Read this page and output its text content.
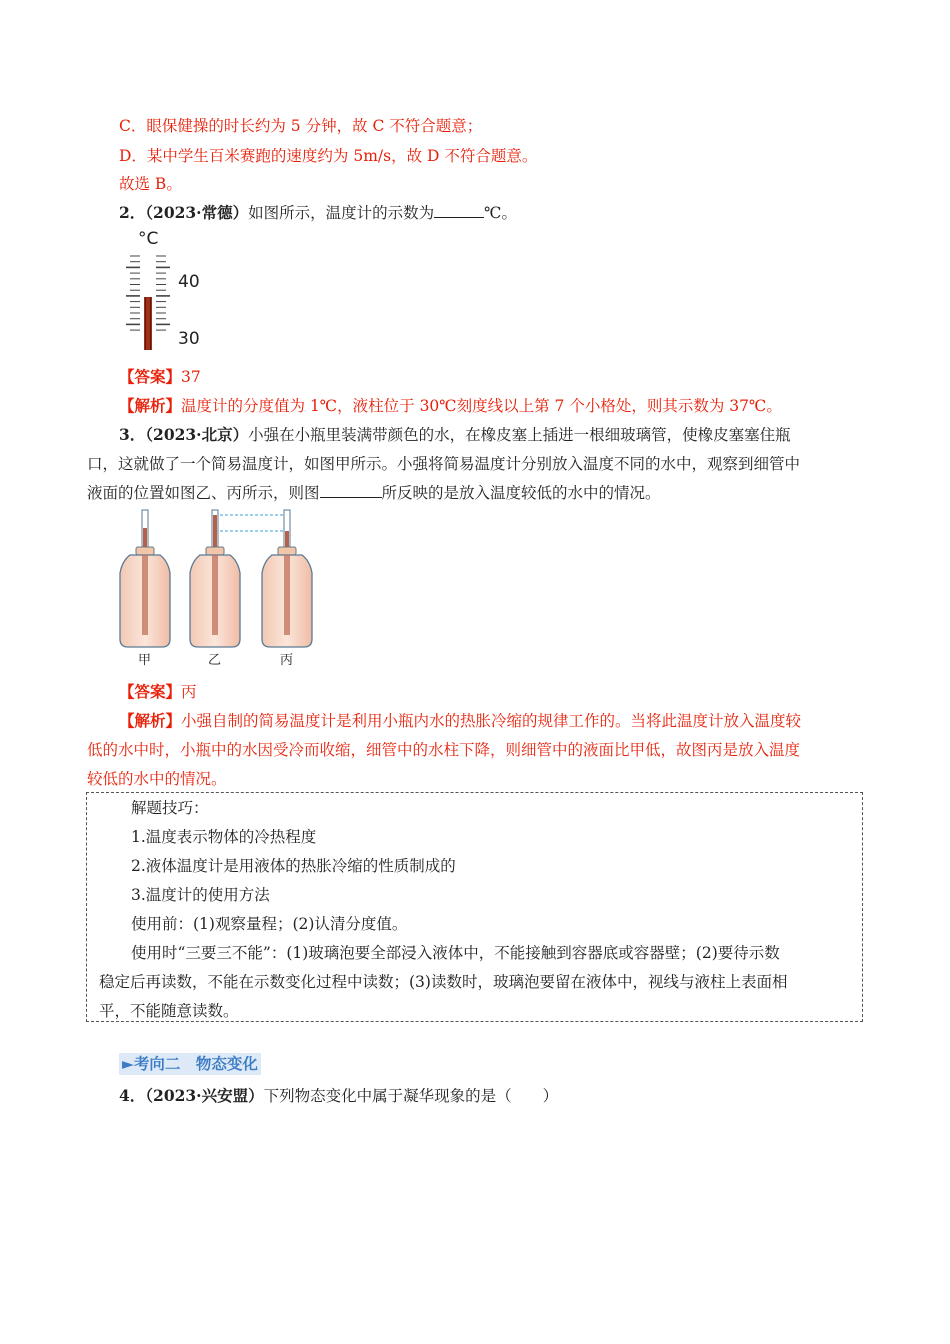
C．眼保健操的时长约为 5 分钟，故 C 不符合题意；
D．某中学生百米赛跑的速度约为 5m/s，故 D 不符合题意。
故选 B。
2．（2023·常德）如图所示，温度计的示数为	℃。
°C
40
30
【答案】37
【解析】温度计的分度值为 1℃，液柱位于 30℃刻度线以上第 7 个小格处，则其示数为 37℃。
3．（2023·北京）小强在小瓶里装满带颜色的水，在橡皮塞上插进一根细玻璃管，使橡皮塞塞住瓶
口，这就做了一个简易温度计，如图甲所示。小强将简易温度计分别放入温度不同的水中，观察到细管中
液面的位置如图乙、丙所示，则图	所反映的是放入温度较低的水中的情况。
甲	乙	丙
【答案】丙
【解析】小强自制的简易温度计是利用小瓶内水的热胀冷缩的规律工作的。当将此温度计放入温度较
低的水中时，小瓶中的水因受冷而收缩，细管中的水柱下降，则细管中的液面比甲低，故图丙是放入温度
较低的水中的情况。
解题技巧：
1.温度表示物体的冷热程度
2.液体温度计是用液体的热胀冷缩的性质制成的
3.温度计的使用方法
使用前：(1)观察量程；(2)认清分度值。
使用时“三要三不能”：(1)玻璃泡要全部浸入液体中，不能接触到容器底或容器壁；(2)要待示数
稳定后再读数，不能在示数变化过程中读数；(3)读数时，玻璃泡要留在液体中，视线与液柱上表面相
平，不能随意读数。
►考向二　物态变化
4．（2023·兴安盟）下列物态变化中属于凝华现象的是（　　）
